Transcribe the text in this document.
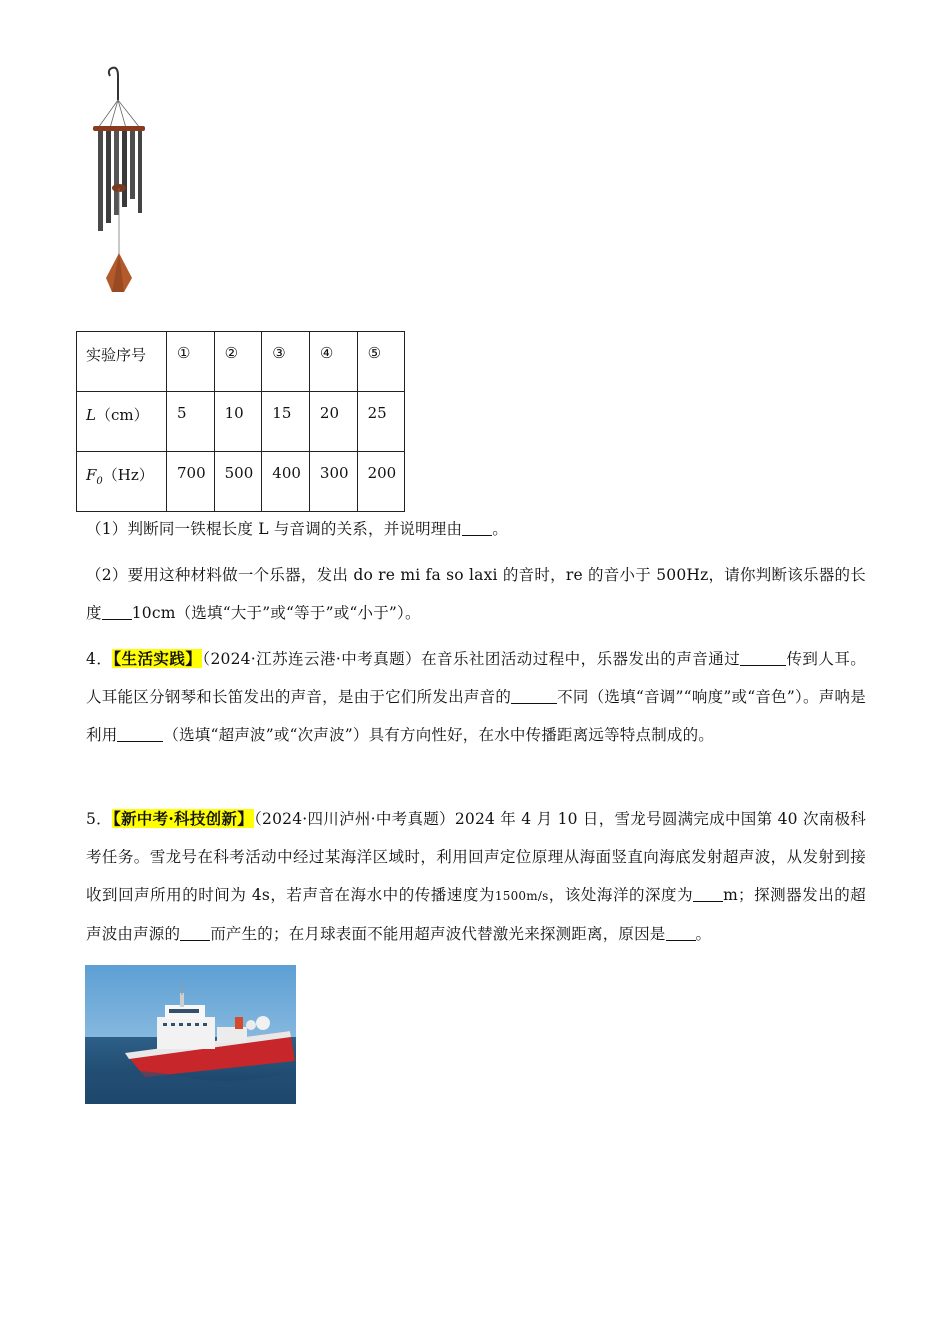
实验序号	①	②	③	④	⑤
L（cm）	5	10	15	20	25
$F_0(Hz)$	700	500	400	300	200
（1）判断同一铁棍长度 L 与音调的关系，并说明理由 。
（2）要用这种材料做一个乐器，发出 do re mi fa so laxi 的音时，re 的音小于 500Hz，请你判断该乐器的长度 10cm（选填“大于”或“等于”或“小于”）。
4．【生活实践】（2024·江苏连云港·中考真题）在音乐社团活动过程中，乐器发出的声音通过	传到人耳。人耳能区分钢琴和长笛发出的声音，是由于它们所发出声音的	不同（选填“音调”“响度”或“音色”）。声呐是利用	（选填“超声波”或“次声波”）具有方向性好，在水中传播距离远等特点制成的。
5．【新中考·科技创新】（2024·四川泸州·中考真题）2024 年 4 月 10 日，雪龙号圆满完成中国第 40 次南极科考任务。雪龙号在科考活动中经过某海洋区域时，利用回声定位原理从海面竖直向海底发射超声波，从发射到接收到回声所用的时间为 4s，若声音在海水中的传播速度为1500m/s，该处海洋的深度为 m；探测器发出的超声波由声源的 而产生的；在月球表面不能用超声波代替激光来探测距离，原因是 。
